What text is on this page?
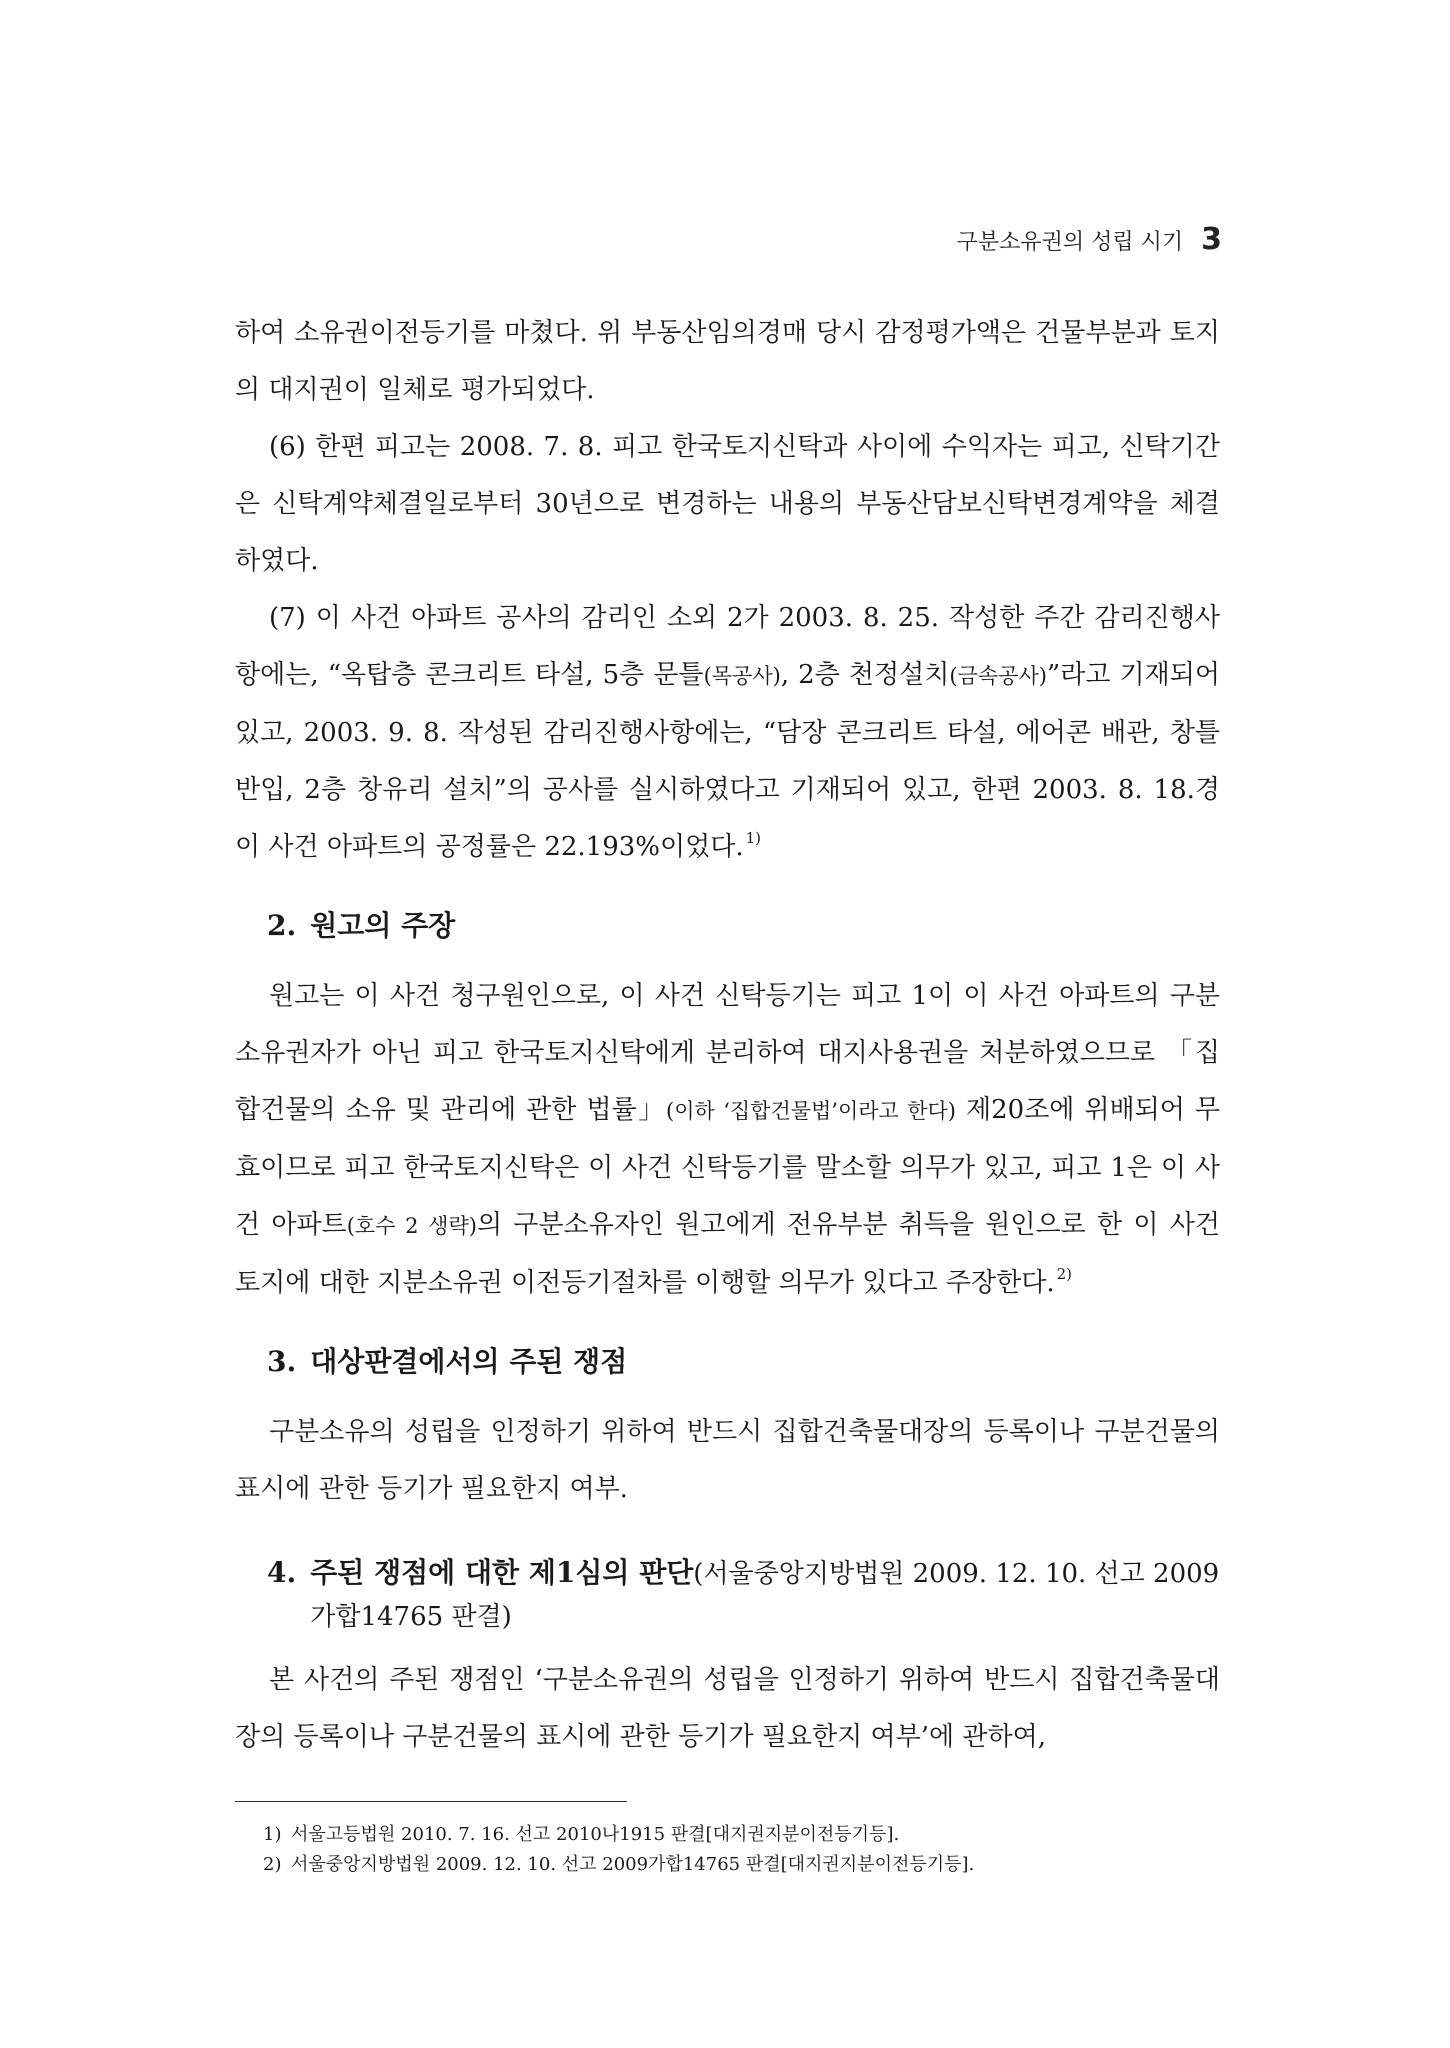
구분소유권의 성립 시기 3

하여 소유권이전등기를 마쳤다. 위 부동산임의경매 당시 감정평가액은 건물부분과 토지의 대지권이 일체로 평가되었다.

(6) 한편 피고는 2008. 7. 8. 피고 한국토지신탁과 사이에 수익자는 피고, 신탁기간은 신탁계약체결일로부터 30년으로 변경하는 내용의 부동산담보신탁변경계약을 체결하였다.

(7) 이 사건 아파트 공사의 감리인 소외 2가 2003. 8. 25. 작성한 주간 감리진행사항에는, “옥탑층 콘크리트 타설, 5층 문틀(목공사), 2층 천정설치(금속공사)”라고 기재되어 있고, 2003. 9. 8. 작성된 감리진행사항에는, “담장 콘크리트 타설, 에어콘 배관, 창틀 반입, 2층 창유리 설치”의 공사를 실시하였다고 기재되어 있고, 한편 2003. 8. 18.경 이 사건 아파트의 공정률은 22.193%이었다. $^{1)}$

2. 원고의 주장

원고는 이 사건 청구원인으로, 이 사건 신탁등기는 피고 1이 이 사건 아파트의 구분소유권자가 아닌 피고 한국토지신탁에게 분리하여 대지사용권을 처분하였으므로 「집합건물의 소유 및 관리에 관한 법률」(이하 ‘집합건물법’이라고 한다) 제20조에 위배되어 무효이므로 피고 한국토지신탁은 이 사건 신탁등기를 말소할 의무가 있고, 피고 1은 이 사건 아파트(호수 2 생략)의 구분소유자인 원고에게 전유부분 취득을 원인으로 한 이 사건 토지에 대한 지분소유권 이전등기절차를 이행할 의무가 있다고 주장한다. $^{2)}$

3. 대상판결에서의 주된 쟁점

구분소유의 성립을 인정하기 위하여 반드시 집합건축물대장의 등록이나 구분건물의 표시에 관한 등기가 필요한지 여부.

4. 주된 쟁점에 대한 제1심의 판단(서울중앙지방법원 2009. 12. 10. 선고 2009가합14765 판결)

본 사건의 주된 쟁점인 ‘구분소유권의 성립을 인정하기 위하여 반드시 집합건축물대장의 등록이나 구분건물의 표시에 관한 등기가 필요한지 여부’에 관하여,

1) 서울고등법원 2010. 7. 16. 선고 2010나1915 판결[대지권지분이전등기등].
2) 서울중앙지방법원 2009. 12. 10. 선고 2009가합14765 판결[대지권지분이전등기등].
